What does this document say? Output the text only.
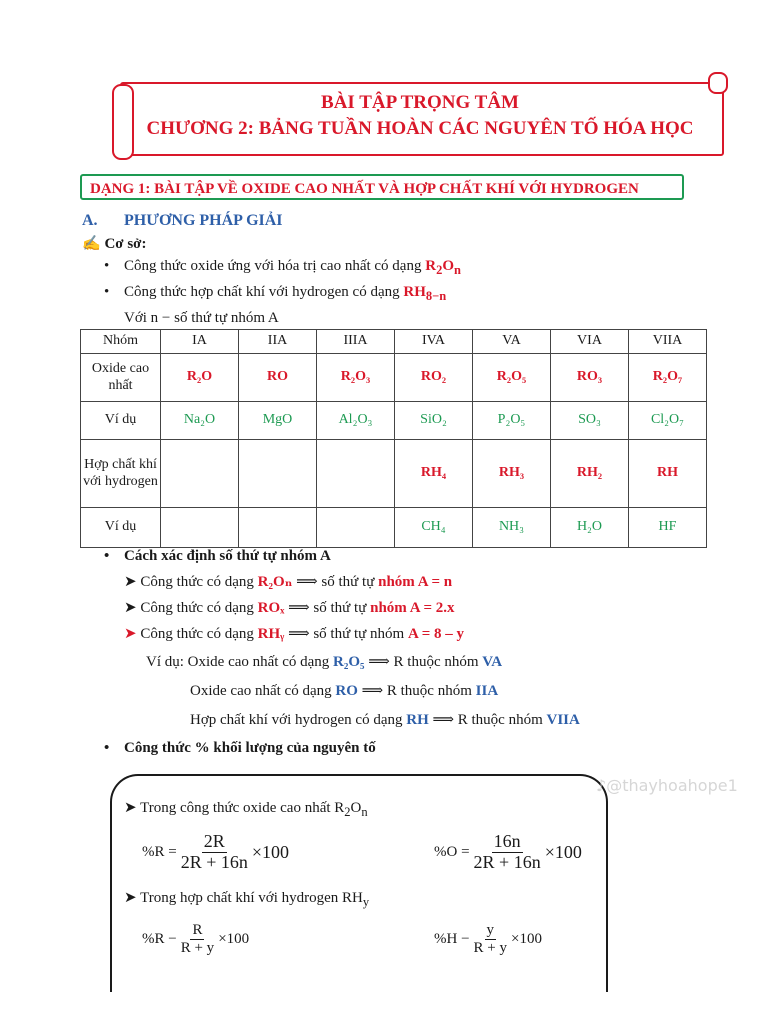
BÀI TẬP TRỌNG TÂM
CHƯƠNG 2: BẢNG TUẦN HOÀN CÁC NGUYÊN TỐ HÓA HỌC
DẠNG 1: BÀI TẬP VỀ OXIDE CAO NHẤT VÀ HỢP CHẤT KHÍ VỚI HYDROGEN
A. PHƯƠNG PHÁP GIẢI
✍ Cơ sở:
• Công thức oxide ứng với hóa trị cao nhất có dạng $R_2O_n$
• Công thức hợp chất khí với hydrogen có dạng $RH_{8-n}$
Với n − số thứ tự nhóm A
Nhóm	IA	IIA	IIIA	IVA	VA	VIA	VIIA
Oxide cao nhất	R₂O	RO	R₂O₃	RO₂	R₂O₅	RO₃	R₂O₇
Ví dụ	Na₂O	MgO	Al₂O₃	SiO₂	P₂O₅	SO₃	Cl₂O₇
Hợp chất khí với hydrogen				RH₄	RH₃	RH₂	RH
Ví dụ				CH₄	NH₃	H₂O	HF
• Cách xác định số thứ tự nhóm A
➤ Công thức có dạng R₂Oₙ ⟹ số thứ tự nhóm A = n
➤ Công thức có dạng ROₓ ⟹ số thứ tự nhóm A = 2.x
➤ Công thức có dạng RHᵧ ⟹ số thứ tự nhóm A = 8 – y
Ví dụ: Oxide cao nhất có dạng R₂O₅ ⟹ R thuộc nhóm VA
Oxide cao nhất có dạng RO ⟹ R thuộc nhóm IIA
Hợp chất khí với hydrogen có dạng RH ⟹ R thuộc nhóm VIIA
• Công thức % khối lượng của nguyên tố
♪@thayhoahope1
➤ Trong công thức oxide cao nhất $R_2O_n$
$\%R = \frac{2R}{2R + 16n} \times 100$	$\%O = \frac{16n}{2R + 16n} \times 100$
➤ Trong hợp chất khí với hydrogen $RH_y$
$\%R - \frac{R}{R + y} \times 100$	$\%H - \frac{y}{R + y} \times 100$
